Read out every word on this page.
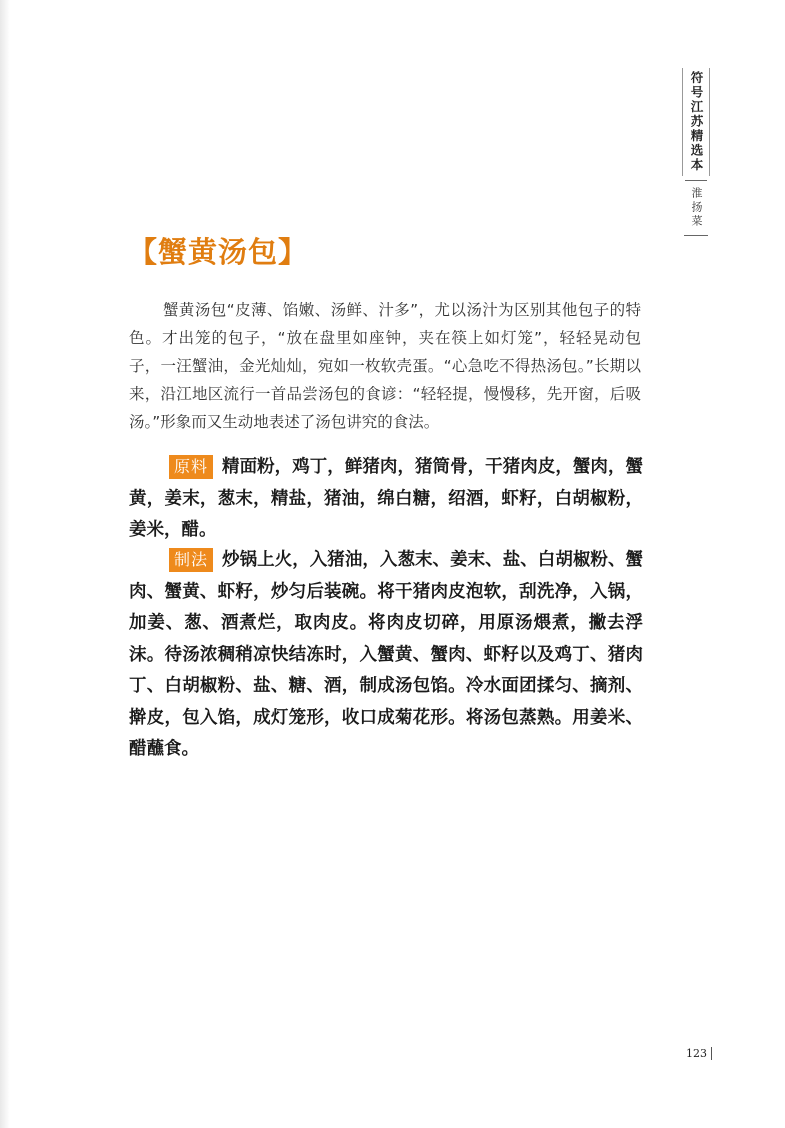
符号江苏精选本
淮扬菜
【蟹黄汤包】

蟹黄汤包“皮薄、馅嫩、汤鲜、汁多”，尤以汤汁为区别其他包子的特色。才出笼的包子，“放在盘里如座钟，夹在筷上如灯笼”，轻轻晃动包子，一汪蟹油，金光灿灿，宛如一枚软壳蛋。“心急吃不得热汤包。”长期以来，沿江地区流行一首品尝汤包的食谚：“轻轻提，慢慢移，先开窗，后吸汤。”形象而又生动地表述了汤包讲究的食法。

原料 精面粉，鸡丁，鲜猪肉，猪筒骨，干猪肉皮，蟹肉，蟹黄，姜末，葱末，精盐，猪油，绵白糖，绍酒，虾籽，白胡椒粉，姜米，醋。

制法 炒锅上火，入猪油，入葱末、姜末、盐、白胡椒粉、蟹肉、蟹黄、虾籽，炒匀后装碗。将干猪肉皮泡软，刮洗净，入锅，加姜、葱、酒煮烂，取肉皮。将肉皮切碎，用原汤煨煮，撇去浮沫。待汤浓稠稍凉快结冻时，入蟹黄、蟹肉、虾籽以及鸡丁、猪肉丁、白胡椒粉、盐、糖、酒，制成汤包馅。冷水面团揉匀、摘剂、擀皮，包入馅，成灯笼形，收口成菊花形。将汤包蒸熟。用姜米、醋蘸食。

123
